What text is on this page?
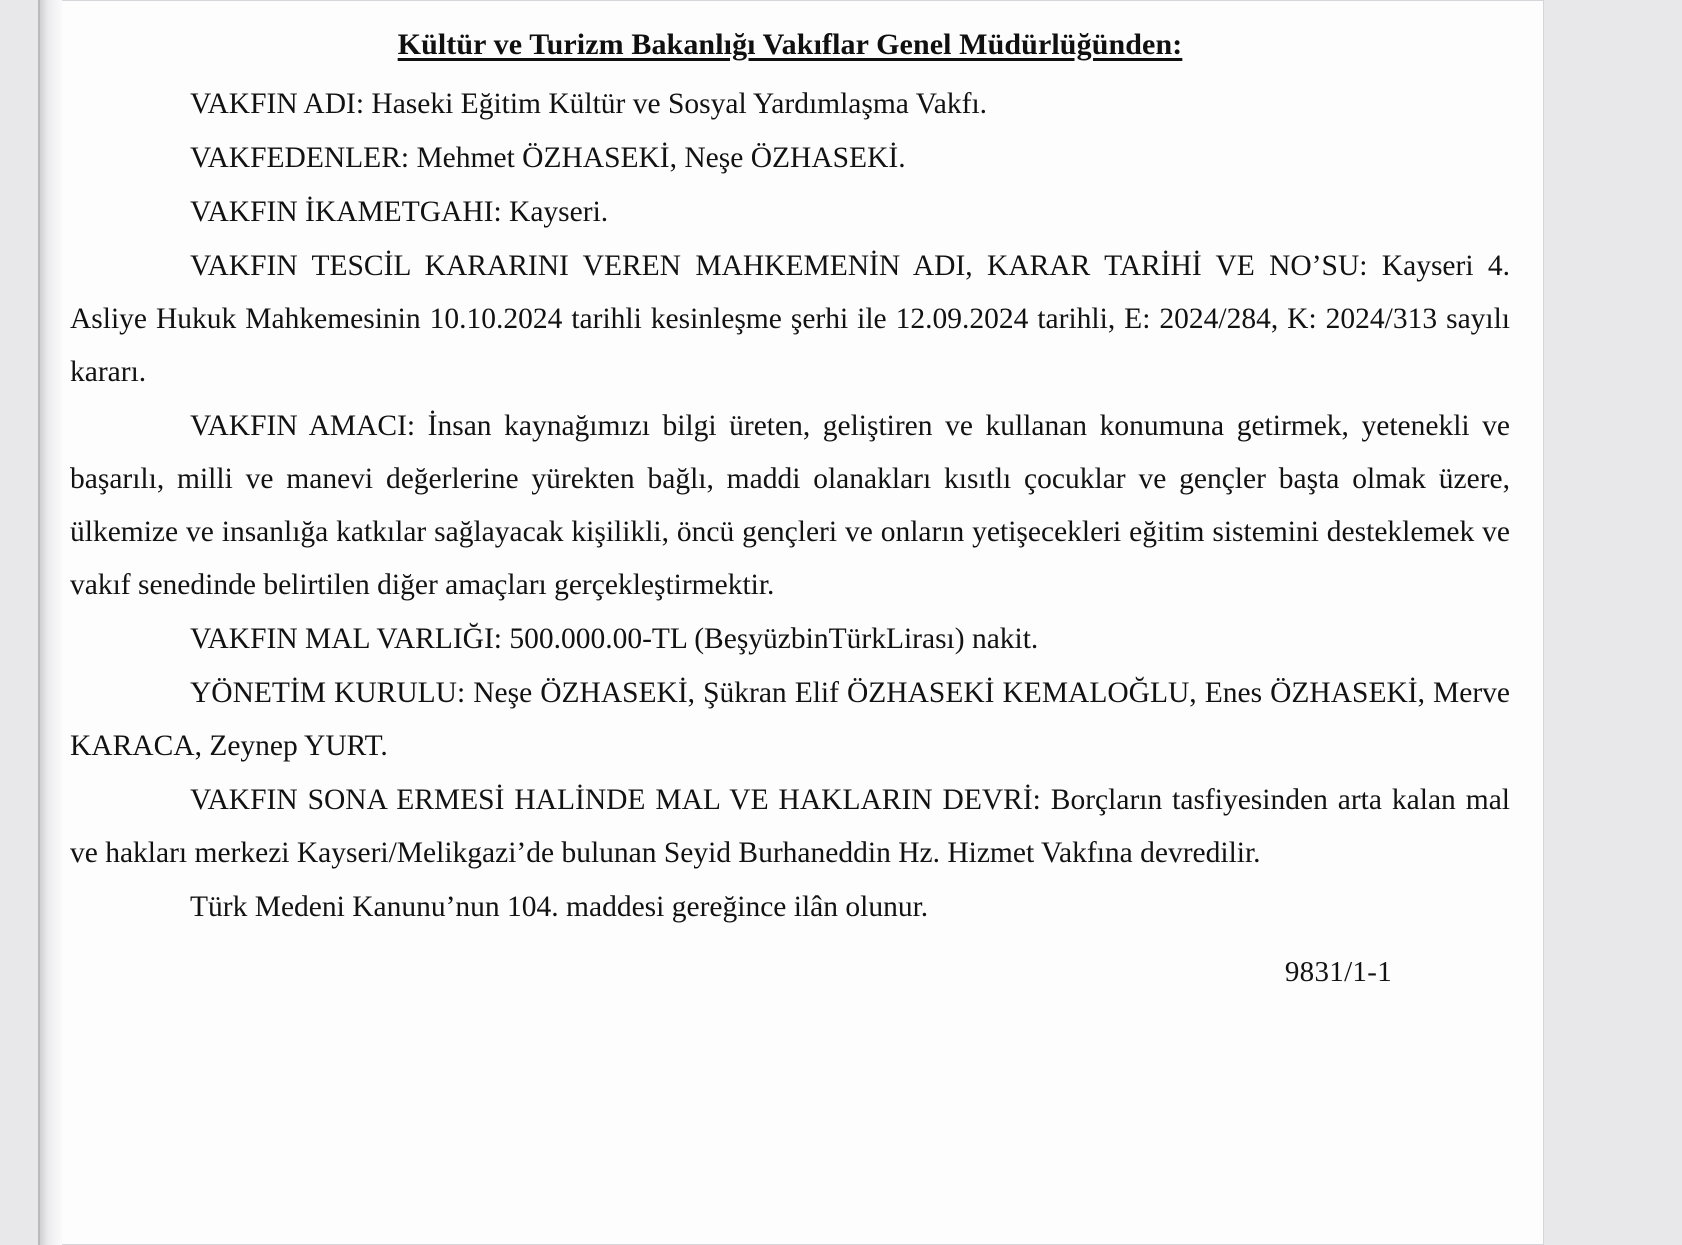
Kültür ve Turizm Bakanlığı Vakıflar Genel Müdürlüğünden:

VAKFIN ADI: Haseki Eğitim Kültür ve Sosyal Yardımlaşma Vakfı.

VAKFEDENLER: Mehmet ÖZHASEKİ, Neşe ÖZHASEKİ.

VAKFIN İKAMETGAHI: Kayseri.

VAKFIN TESCİL KARARINI VEREN MAHKEMENİN ADI, KARAR TARİHİ VE NO’SU: Kayseri 4. Asliye Hukuk Mahkemesinin 10.10.2024 tarihli kesinleşme şerhi ile 12.09.2024 tarihli, E: 2024/284, K: 2024/313 sayılı kararı.

VAKFIN AMACI: İnsan kaynağımızı bilgi üreten, geliştiren ve kullanan konumuna getirmek, yetenekli ve başarılı, milli ve manevi değerlerine yürekten bağlı, maddi olanakları kısıtlı çocuklar ve gençler başta olmak üzere, ülkemize ve insanlığa katkılar sağlayacak kişilikli, öncü gençleri ve onların yetişecekleri eğitim sistemini desteklemek ve vakıf senedinde belirtilen diğer amaçları gerçekleştirmektir.

VAKFIN MAL VARLIĞI: 500.000.00-TL (BeşyüzbinTürkLirası) nakit.

YÖNETİM KURULU: Neşe ÖZHASEKİ, Şükran Elif ÖZHASEKİ KEMALOĞLU, Enes ÖZHASEKİ, Merve KARACA, Zeynep YURT.

VAKFIN SONA ERMESİ HALİNDE MAL VE HAKLARIN DEVRİ: Borçların tasfiyesinden arta kalan mal ve hakları merkezi Kayseri/Melikgazi’de bulunan Seyid Burhaneddin Hz. Hizmet Vakfına devredilir.

Türk Medeni Kanunu’nun 104. maddesi gereğince ilân olunur.

9831/1-1
